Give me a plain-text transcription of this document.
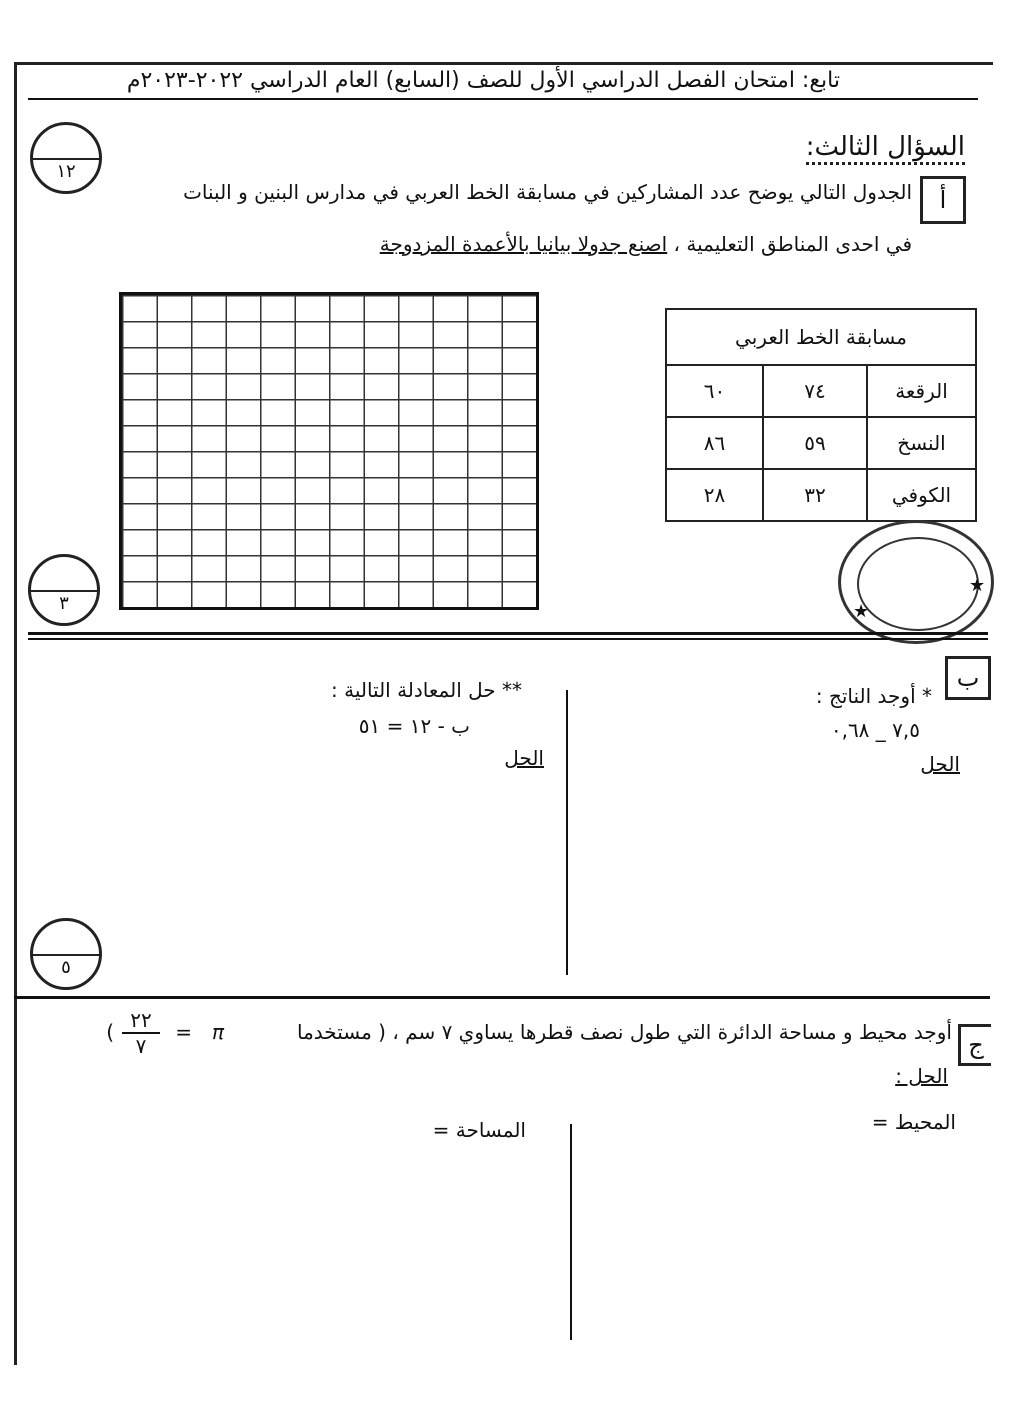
تابع: امتحان الفصل الدراسي الأول للصف (السابع) العام الدراسي ٢٠٢٢-٢٠٢٣م
١٢
السؤال الثالث:
أ
الجدول التالي يوضح عدد المشاركين في مسابقة الخط العربي في مدارس البنين و البنات
في احدى المناطق التعليمية ، اصنع جدولا بيانيا بالأعمدة المزدوجة
مسابقة الخط العربي		
الرقعة	٧٤	٦٠
النسخ	٥٩	٨٦
الكوفي	٣٢	٢٨
★
★
٣
ب
* أوجد الناتج :
٧,٥ _ ٠,٦٨
الحل
** حل المعادلة التالية :
ب - ١٢ = ٥١
الحل
٥
ج
أوجد محيط و مساحة الدائرة التي طول نصف قطرها يساوي ٧ سم ، ( مستخدما
π
=
٢٢
٧
)
الحل :
المحيط =
المساحة =
